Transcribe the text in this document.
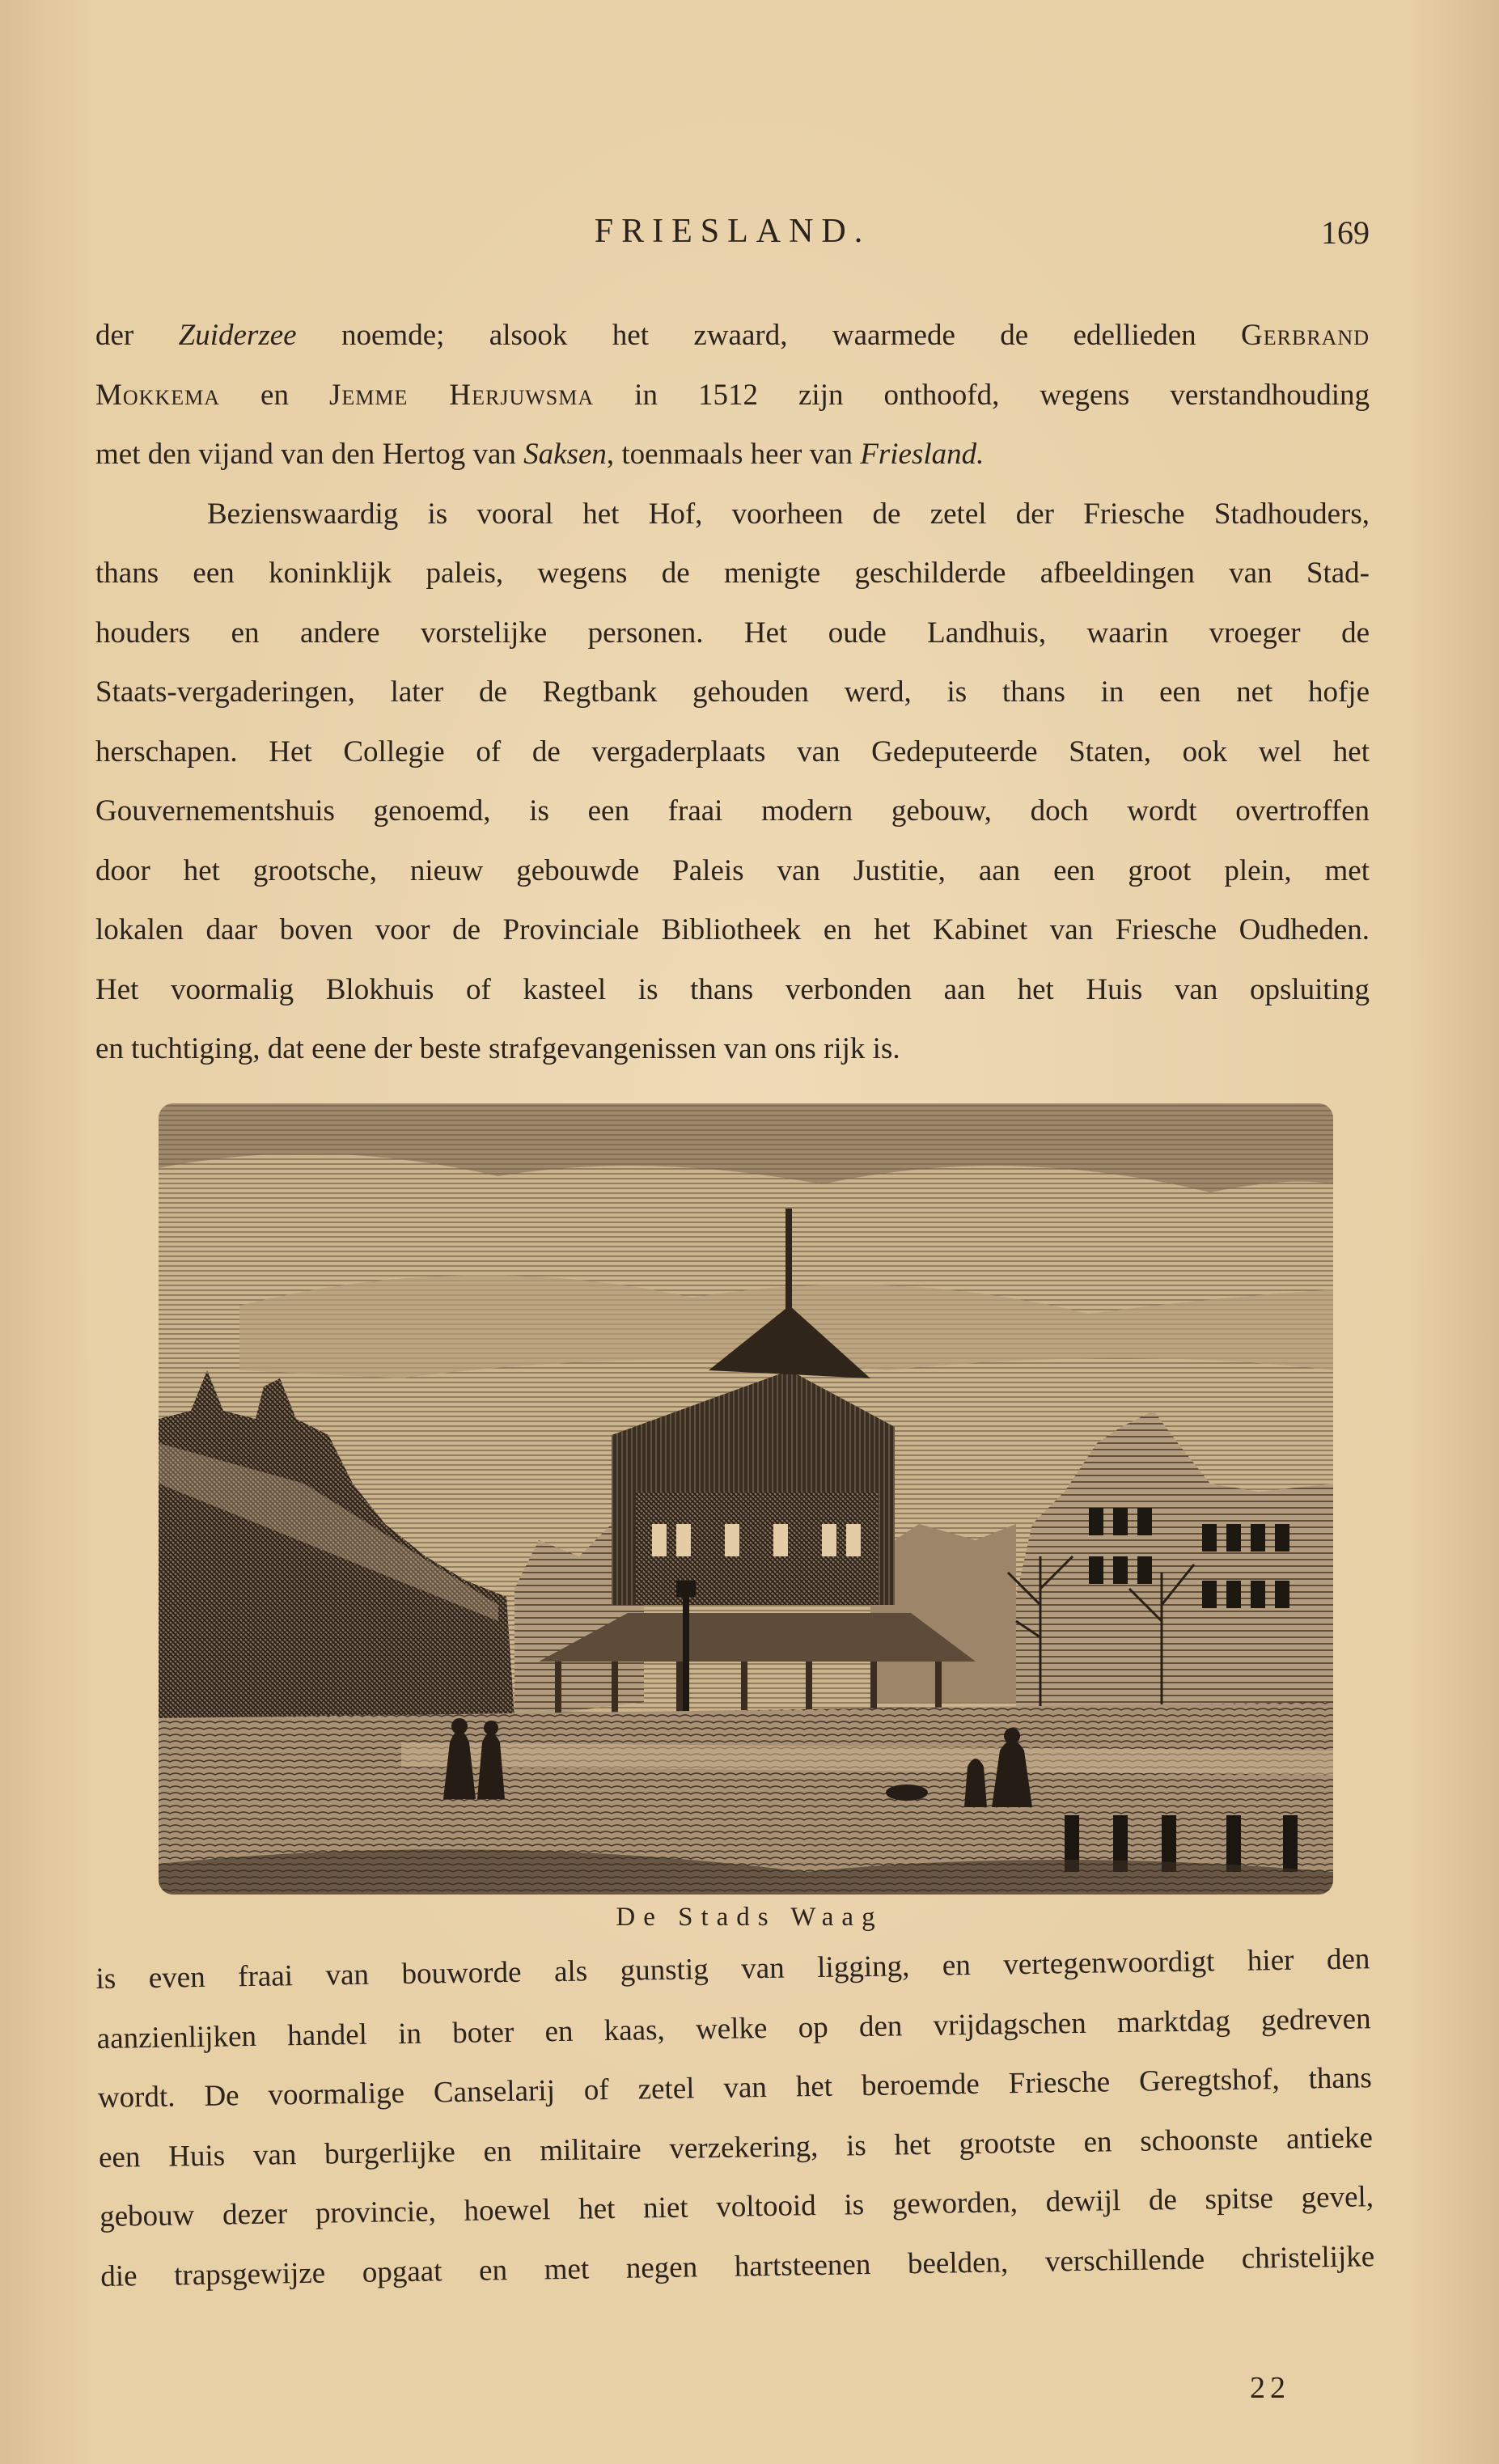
FRIESLAND.	169
der Zuiderzee noemde; alsook het zwaard, waarmede de edellieden Gerbrand
Mokkema en Jemme Herjuwsma in 1512 zijn onthoofd, wegens verstandhouding
met den vijand van den Hertog van Saksen, toenmaals heer van Friesland.
Bezienswaardig is vooral het Hof, voorheen de zetel der Friesche Stadhouders,
thans een koninklijk paleis, wegens de menigte geschilderde afbeeldingen van Stad-
houders en andere vorstelijke personen. Het oude Landhuis, waarin vroeger de
Staats-vergaderingen, later de Regtbank gehouden werd, is thans in een net hofje
herschapen. Het Collegie of de vergaderplaats van Gedeputeerde Staten, ook wel het
Gouvernementshuis genoemd, is een fraai modern gebouw, doch wordt overtroffen
door het grootsche, nieuw gebouwde Paleis van Justitie, aan een groot plein, met
lokalen daar boven voor de Provinciale Bibliotheek en het Kabinet van Friesche Oudheden.
Het voormalig Blokhuis of kasteel is thans verbonden aan het Huis van opsluiting
en tuchtiging, dat eene der beste strafgevangenissen van ons rijk is.
De Stads Waag
is even fraai van bouworde als gunstig van ligging, en vertegenwoordigt hier den
aanzienlijken handel in boter en kaas, welke op den vrijdagschen marktdag gedreven
wordt. De voormalige Canselarij of zetel van het beroemde Friesche Geregtshof, thans
een Huis van burgerlijke en militaire verzekering, is het grootste en schoonste antieke
gebouw dezer provincie, hoewel het niet voltooid is geworden, dewijl de spitse gevel,
die trapsgewijze opgaat en met negen hartsteenen beelden, verschillende christelijke
22
